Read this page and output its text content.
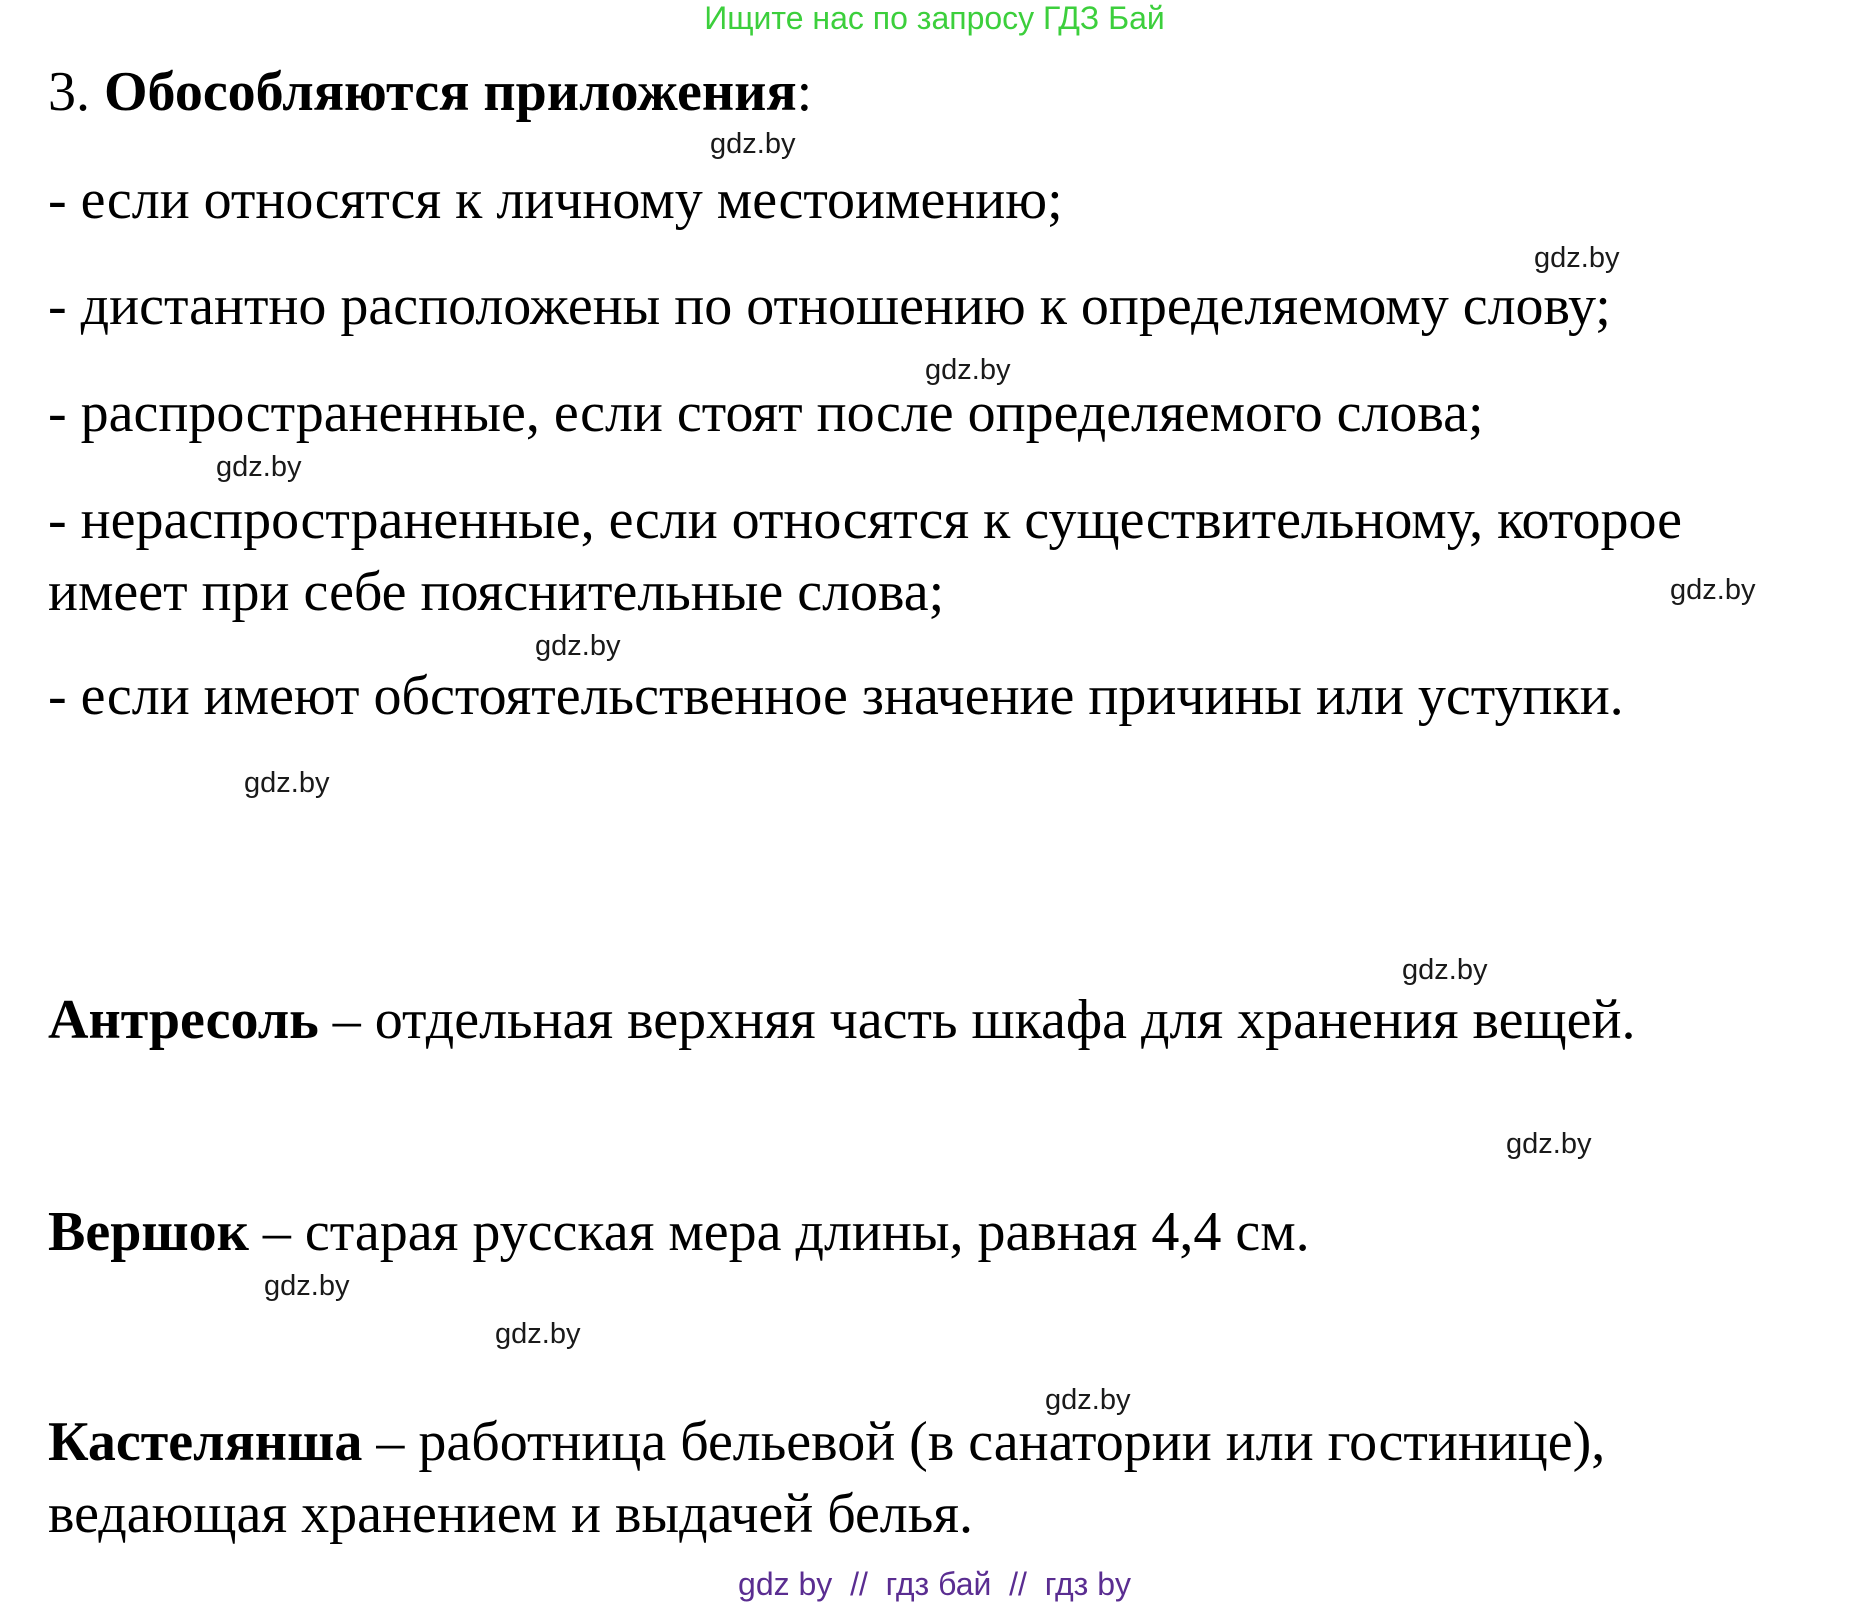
Ищите нас по запросу ГДЗ Бай
3. Обособляются приложения:
- если относятся к личному местоимению;
- дистантно расположены по отношению к определяемому слову;
- распространенные, если стоят после определяемого слова;
- нераспространенные, если относятся к существительному, которое
имеет при себе пояснительные слова;
- если имеют обстоятельственное значение причины или уступки.
Антресоль – отдельная верхняя часть шкафа для хранения вещей.
Вершок – старая русская мера длины, равная 4,4 см.
Кастелянша – работница бельевой (в санатории или гостинице),
ведающая хранением и выдачей белья.
gdz.by
gdz.by
gdz.by
gdz.by
gdz.by
gdz.by
gdz.by
gdz.by
gdz.by
gdz.by
gdz.by
gdz.by
gdz by  //  гдз бай  //  гдз by
